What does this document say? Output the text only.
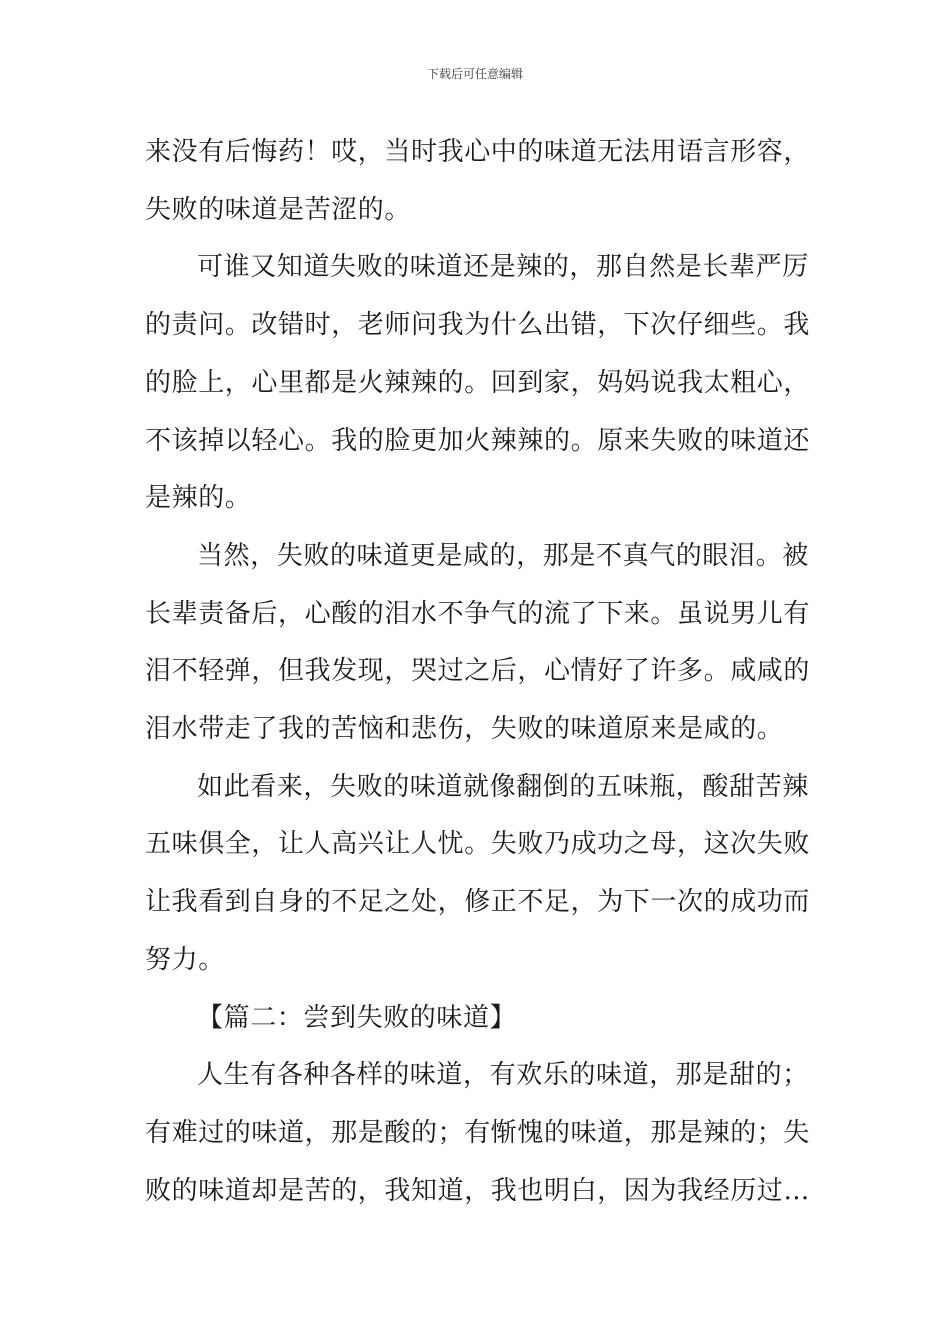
下载后可任意编辑

来没有后悔药！哎，当时我心中的味道无法用语言形容，
失败的味道是苦涩的。

可谁又知道失败的味道还是辣的，那自然是长辈严厉
的责问。改错时，老师问我为什么出错，下次仔细些。我
的脸上，心里都是火辣辣的。回到家，妈妈说我太粗心，
不该掉以轻心。我的脸更加火辣辣的。原来失败的味道还
是辣的。

当然，失败的味道更是咸的，那是不真气的眼泪。被
长辈责备后，心酸的泪水不争气的流了下来。虽说男儿有
泪不轻弹，但我发现，哭过之后，心情好了许多。咸咸的
泪水带走了我的苦恼和悲伤，失败的味道原来是咸的。

如此看来，失败的味道就像翻倒的五味瓶，酸甜苦辣
五味俱全，让人高兴让人忧。失败乃成功之母，这次失败
让我看到自身的不足之处，修正不足，为下一次的成功而
努力。

【篇二：尝到失败的味道】

人生有各种各样的味道，有欢乐的味道，那是甜的；
有难过的味道，那是酸的；有惭愧的味道，那是辣的；失
败的味道却是苦的，我知道，我也明白，因为我经历过…
